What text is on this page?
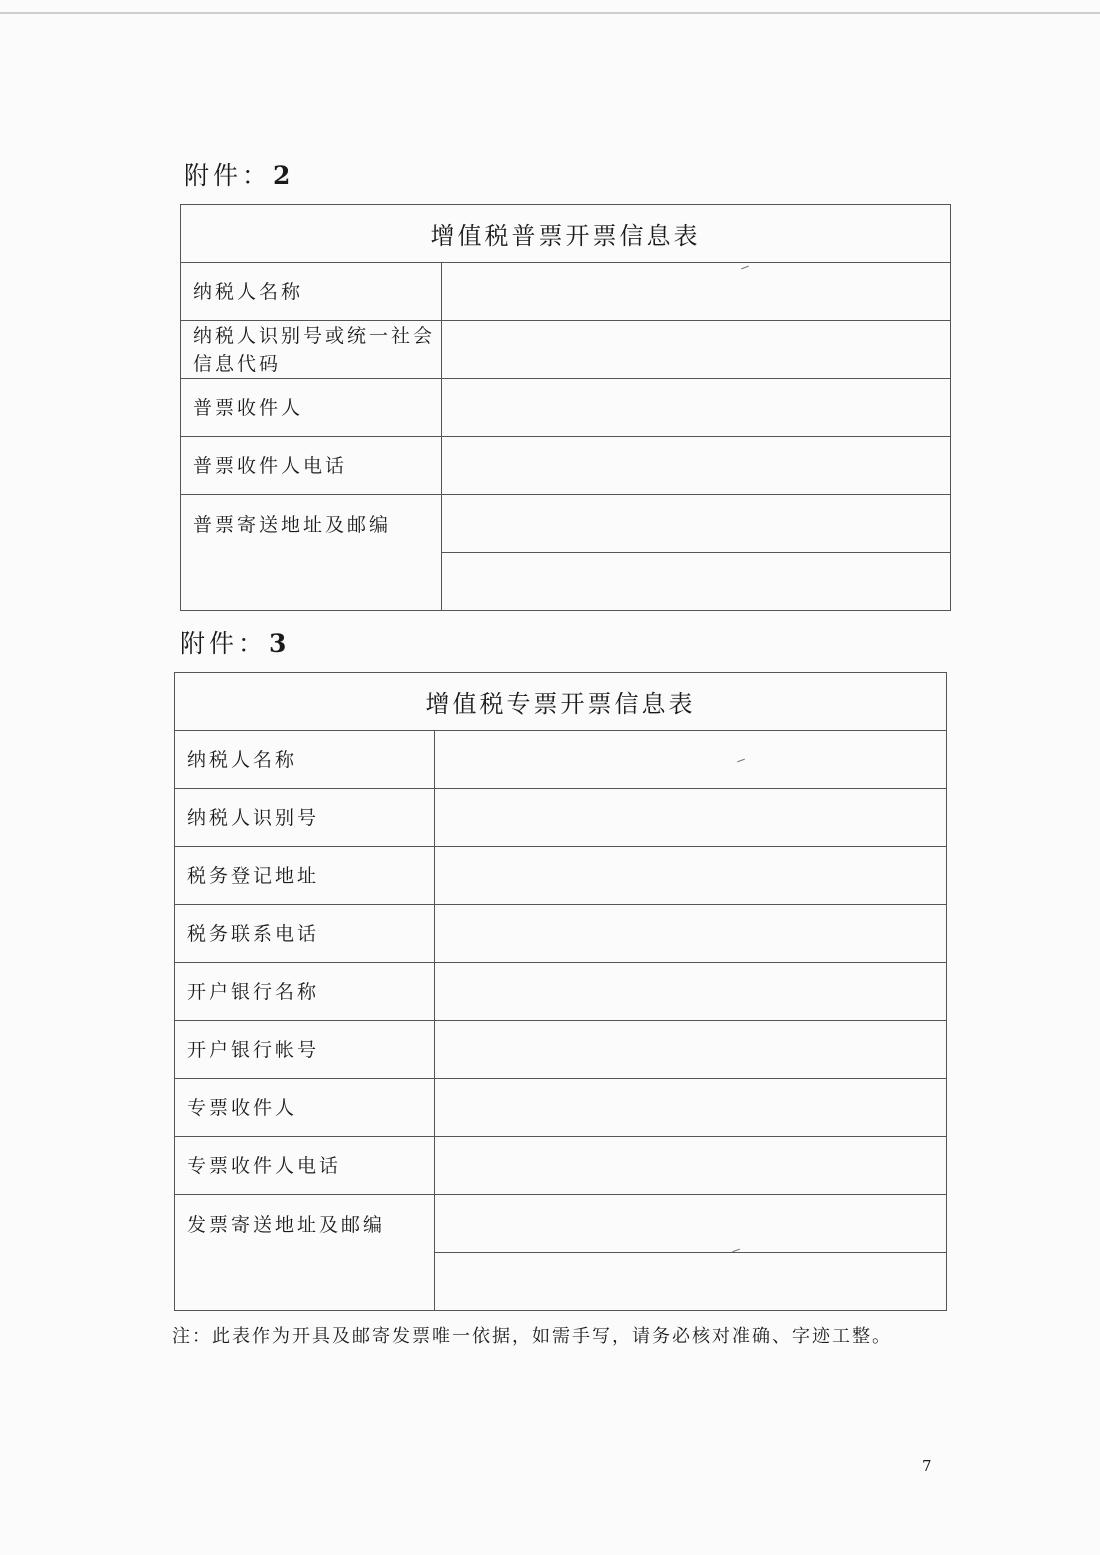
附件：2
增值税普票开票信息表	
纳税人名称	
纳税人识别号或统一社会信息代码	
普票收件人	
普票收件人电话	
普票寄送地址及邮编	

附件：3
增值税专票开票信息表	
纳税人名称	
纳税人识别号	
税务登记地址	
税务联系电话	
开户银行名称	
开户银行帐号	
专票收件人	
专票收件人电话	
发票寄送地址及邮编	

注：此表作为开具及邮寄发票唯一依据，如需手写，请务必核对准确、字迹工整。
7
